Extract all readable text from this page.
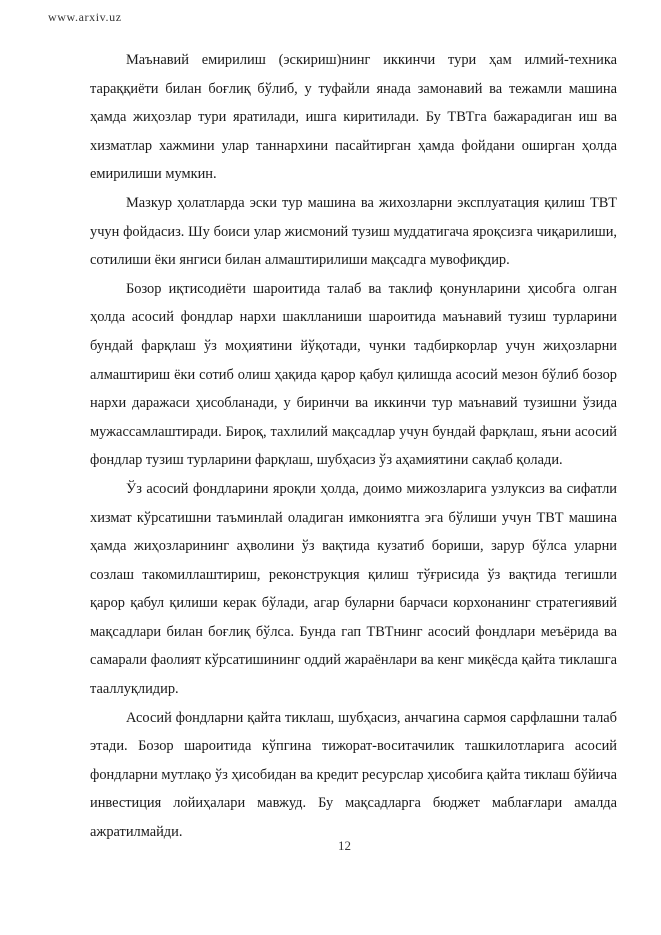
www.arxiv.uz

Маънавий емирилиш (эскириш)нинг иккинчи тури ҳам илмий-техника тараққиёти билан боғлиқ бўлиб, у туфайли янада замонавий ва тежамли машина ҳамда жиҳозлар тури яратилади, ишга киритилади. Бу ТВТга бажарадиган иш ва хизматлар хажмини улар таннархини пасайтирган ҳамда фойдани оширган ҳолда емирилиши мумкин.

Мазкур ҳолатларда эски тур машина ва жихозларни эксплуатация қилиш ТВТ учун фойдасиз. Шу боиси улар жисмоний тузиш муддатигача яроқсизга чиқарилиши, сотилиши ёки янгиси билан алмаштирилиши мақсадга мувофиқдир.

Бозор иқтисодиёти шароитида талаб ва таклиф қонунларини ҳисобга олган ҳолда асосий фондлар нархи шаклланиши шароитида маънавий тузиш турларини бундай фарқлаш ўз моҳиятини йўқотади, чунки тадбиркорлар учун жиҳозларни алмаштириш ёки сотиб олиш ҳақида қарор қабул қилишда асосий мезон бўлиб бозор нархи даражаси ҳисобланади, у биринчи ва иккинчи тур маънавий тузишни ўзида мужассамлаштиради. Бироқ, тахлилий мақсадлар учун бундай фарқлаш, яъни асосий фондлар тузиш турларини фарқлаш, шубҳасиз ўз аҳамиятини сақлаб қолади.

Ўз асосий фондларини яроқли ҳолда, доимо мижозларига узлуксиз ва сифатли хизмат кўрсатишни таъминлай оладиган имкониятга эга бўлиши учун ТВТ машина ҳамда жиҳозларининг аҳволини ўз вақтида кузатиб бориши, зарур бўлса уларни созлаш такомиллаштириш, реконструкция қилиш тўғрисида ўз вақтида тегишли қарор қабул қилиши керак бўлади, агар буларни барчаси корхонанинг стратегиявий мақсадлари билан боғлиқ бўлса. Бунда гап ТВТнинг асосий фондлари меъёрида ва самарали фаолият кўрсатишининг оддий жараёнлари ва кенг миқёсда қайта тиклашга тааллуқлидир.

Асосий фондларни қайта тиклаш, шубҳасиз, анчагина сармоя сарфлашни талаб этади. Бозор шароитида кўпгина тижорат-воситачилик ташкилотларига асосий фондларни мутлақо ўз ҳисобидан ва кредит ресурслар ҳисобига қайта тиклаш бўйича инвестиция лойиҳалари мавжуд. Бу мақсадларга бюджет маблағлари амалда ажратилмайди.

12
